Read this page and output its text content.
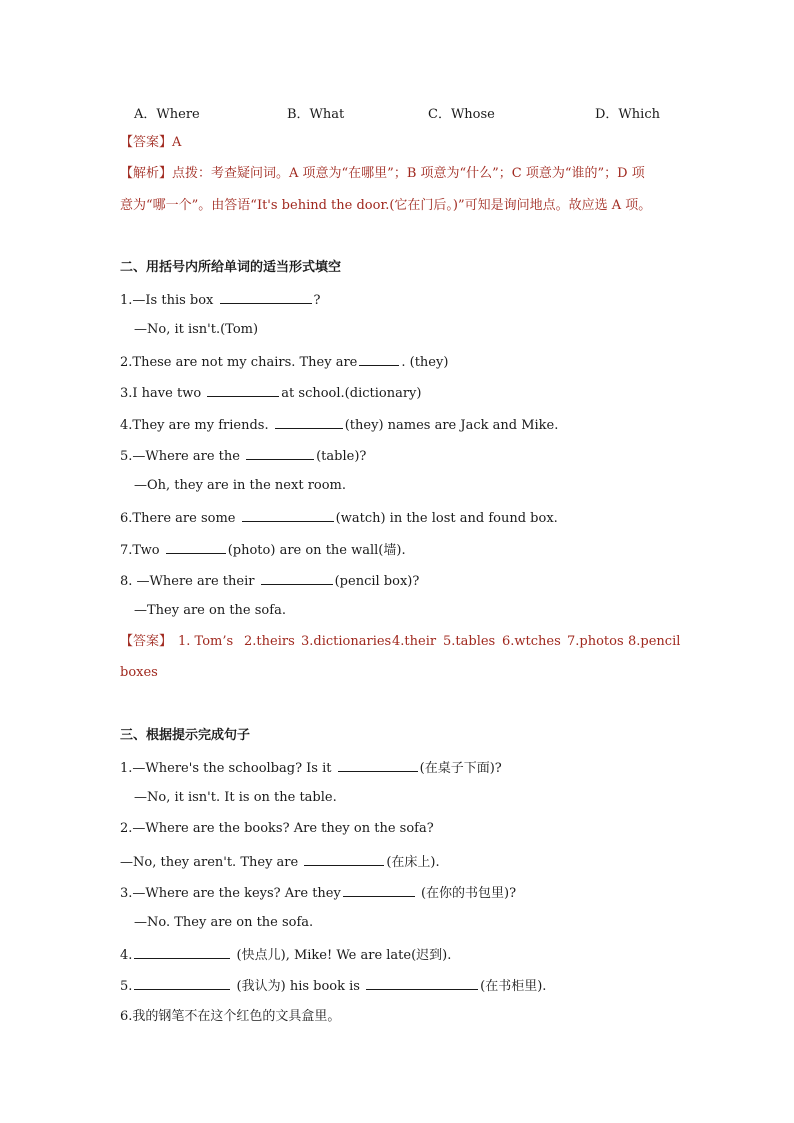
A．Where	B．What	C．Whose	D．Which
【答案】A
【解析】点拨：考查疑问词。A 项意为“在哪里”；B 项意为“什么”；C 项意为“谁的”；D 项
意为“哪一个”。由答语“It's behind the door.(它在门后。)”可知是询问地点。故应选 A 项。
二、用括号内所给单词的适当形式填空
1.—Is this box	?
—No, it isn't.(Tom)
2.These are not my chairs. They are	. (they)
3.I have two	at school.(dictionary)
4.They are my friends.	(they) names are Jack and Mike.
5.—Where are the	(table)?
—Oh, they are in the next room.
6.There are some	(watch) in the lost and found box.
7.Two	(photo) are on the wall(墙).
8. —Where are their	(pencil box)?
—They are on the sofa.
【答案】 1. Tom’s 2.theirs 3.dictionaries 4.their 5.tables 6.wtches 7.photos 8.pencil
boxes
三、根据提示完成句子
1.—Where's the schoolbag? Is it	(在桌子下面)?
—No, it isn't. It is on the table.
2.—Where are the books? Are they on the sofa?
—No, they aren't. They are	(在床上).
3.—Where are the keys? Are they	(在你的书包里)?
—No. They are on the sofa.
4.	(快点儿), Mike! We are late(迟到).
5.	(我认为) his book is	(在书柜里).
6.我的钢笔不在这个红色的文具盒里。
